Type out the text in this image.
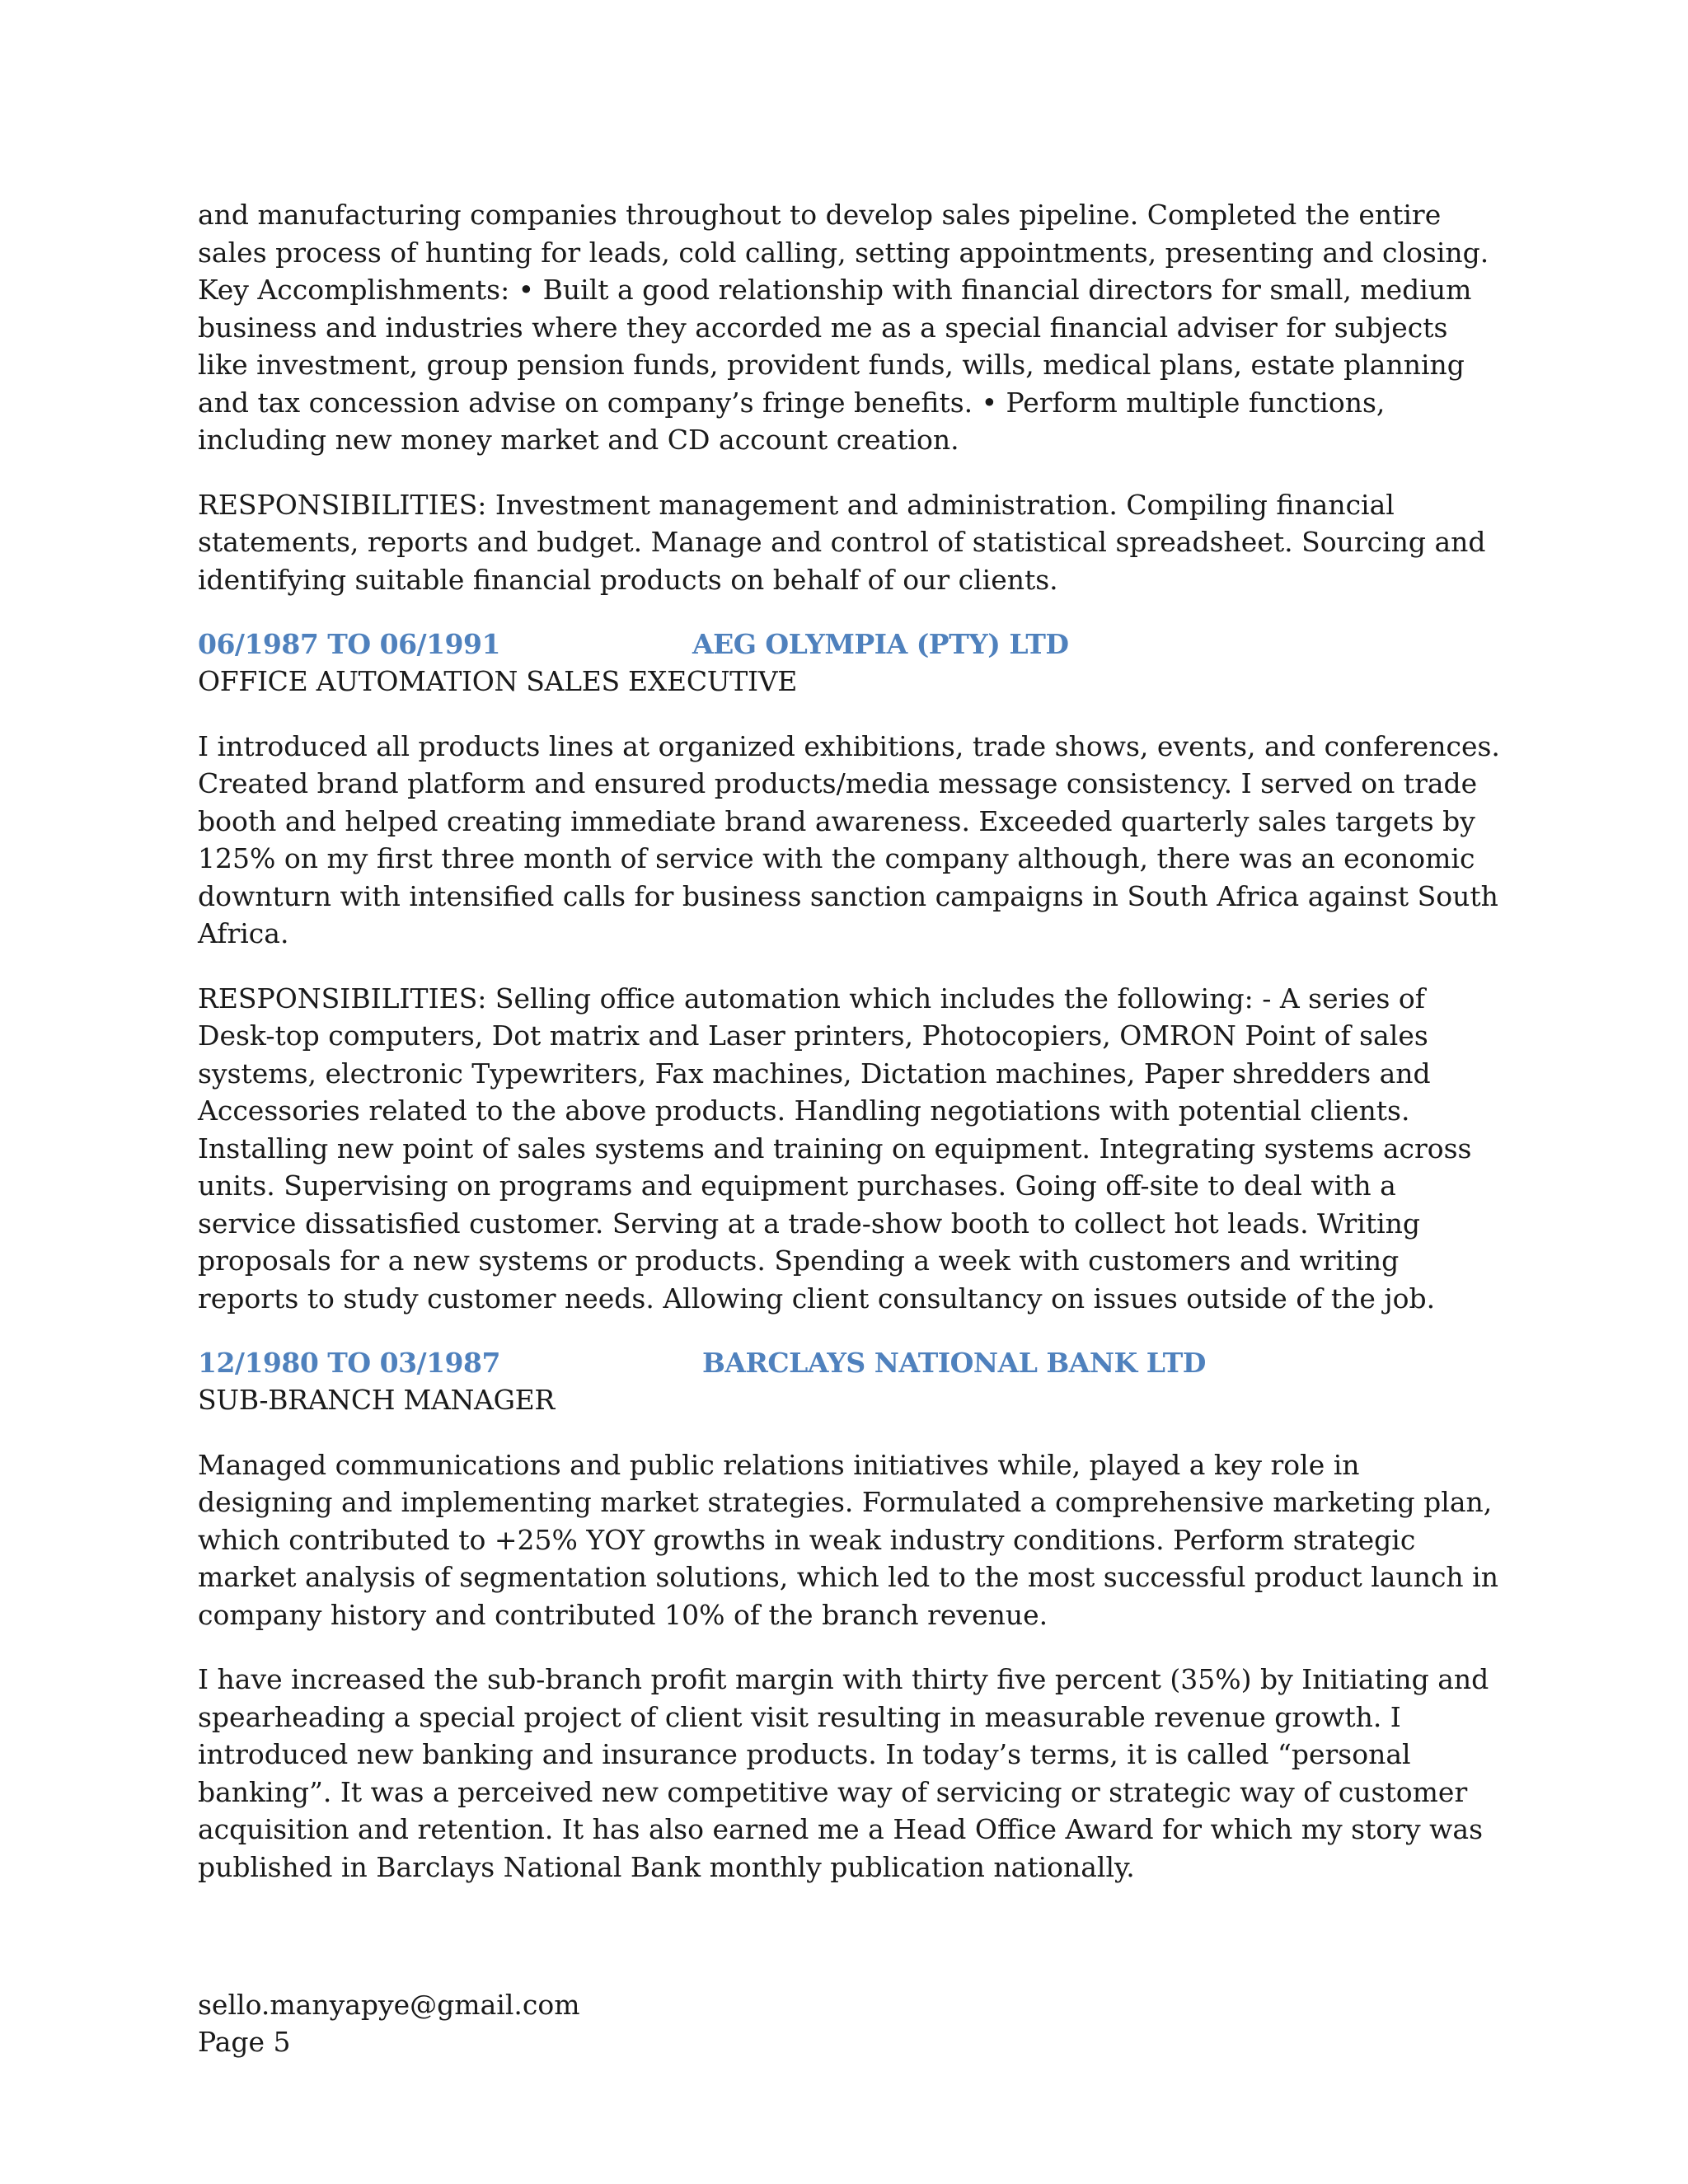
and manufacturing companies throughout to develop sales pipeline. Completed the entire sales process of hunting for leads, cold calling, setting appointments, presenting and closing. Key Accomplishments: • Built a good relationship with financial directors for small, medium business and industries where they accorded me as a special financial adviser for subjects like investment, group pension funds, provident funds, wills, medical plans, estate planning and tax concession advise on company’s fringe benefits. • Perform multiple functions, including new money market and CD account creation.

RESPONSIBILITIES: Investment management and administration. Compiling financial statements, reports and budget. Manage and control of statistical spreadsheet. Sourcing and identifying suitable financial products on behalf of our clients.

06/1987 TO 06/1991	AEG OLYMPIA (PTY) LTD
OFFICE AUTOMATION SALES EXECUTIVE

I introduced all products lines at organized exhibitions, trade shows, events, and conferences. Created brand platform and ensured products/media message consistency. I served on trade booth and helped creating immediate brand awareness. Exceeded quarterly sales targets by 125% on my first three month of service with the company although, there was an economic downturn with intensified calls for business sanction campaigns in South Africa against South Africa.

RESPONSIBILITIES: Selling office automation which includes the following: - A series of Desk-top computers, Dot matrix and Laser printers, Photocopiers, OMRON Point of sales systems, electronic Typewriters, Fax machines, Dictation machines, Paper shredders and Accessories related to the above products. Handling negotiations with potential clients. Installing new point of sales systems and training on equipment. Integrating systems across units. Supervising on programs and equipment purchases. Going off-site to deal with a service dissatisfied customer. Serving at a trade-show booth to collect hot leads. Writing proposals for a new systems or products. Spending a week with customers and writing reports to study customer needs. Allowing client consultancy on issues outside of the job.

12/1980 TO 03/1987	BARCLAYS NATIONAL BANK LTD
SUB-BRANCH MANAGER

Managed communications and public relations initiatives while, played a key role in designing and implementing market strategies. Formulated a comprehensive marketing plan, which contributed to +25% YOY growths in weak industry conditions. Perform strategic market analysis of segmentation solutions, which led to the most successful product launch in company history and contributed 10% of the branch revenue.

I have increased the sub-branch profit margin with thirty five percent (35%) by Initiating and spearheading a special project of client visit resulting in measurable revenue growth. I introduced new banking and insurance products. In today’s terms, it is called “personal banking”. It was a perceived new competitive way of servicing or strategic way of customer acquisition and retention. It has also earned me a Head Office Award for which my story was published in Barclays National Bank monthly publication nationally.

sello.manyapye@gmail.com
Page 5
